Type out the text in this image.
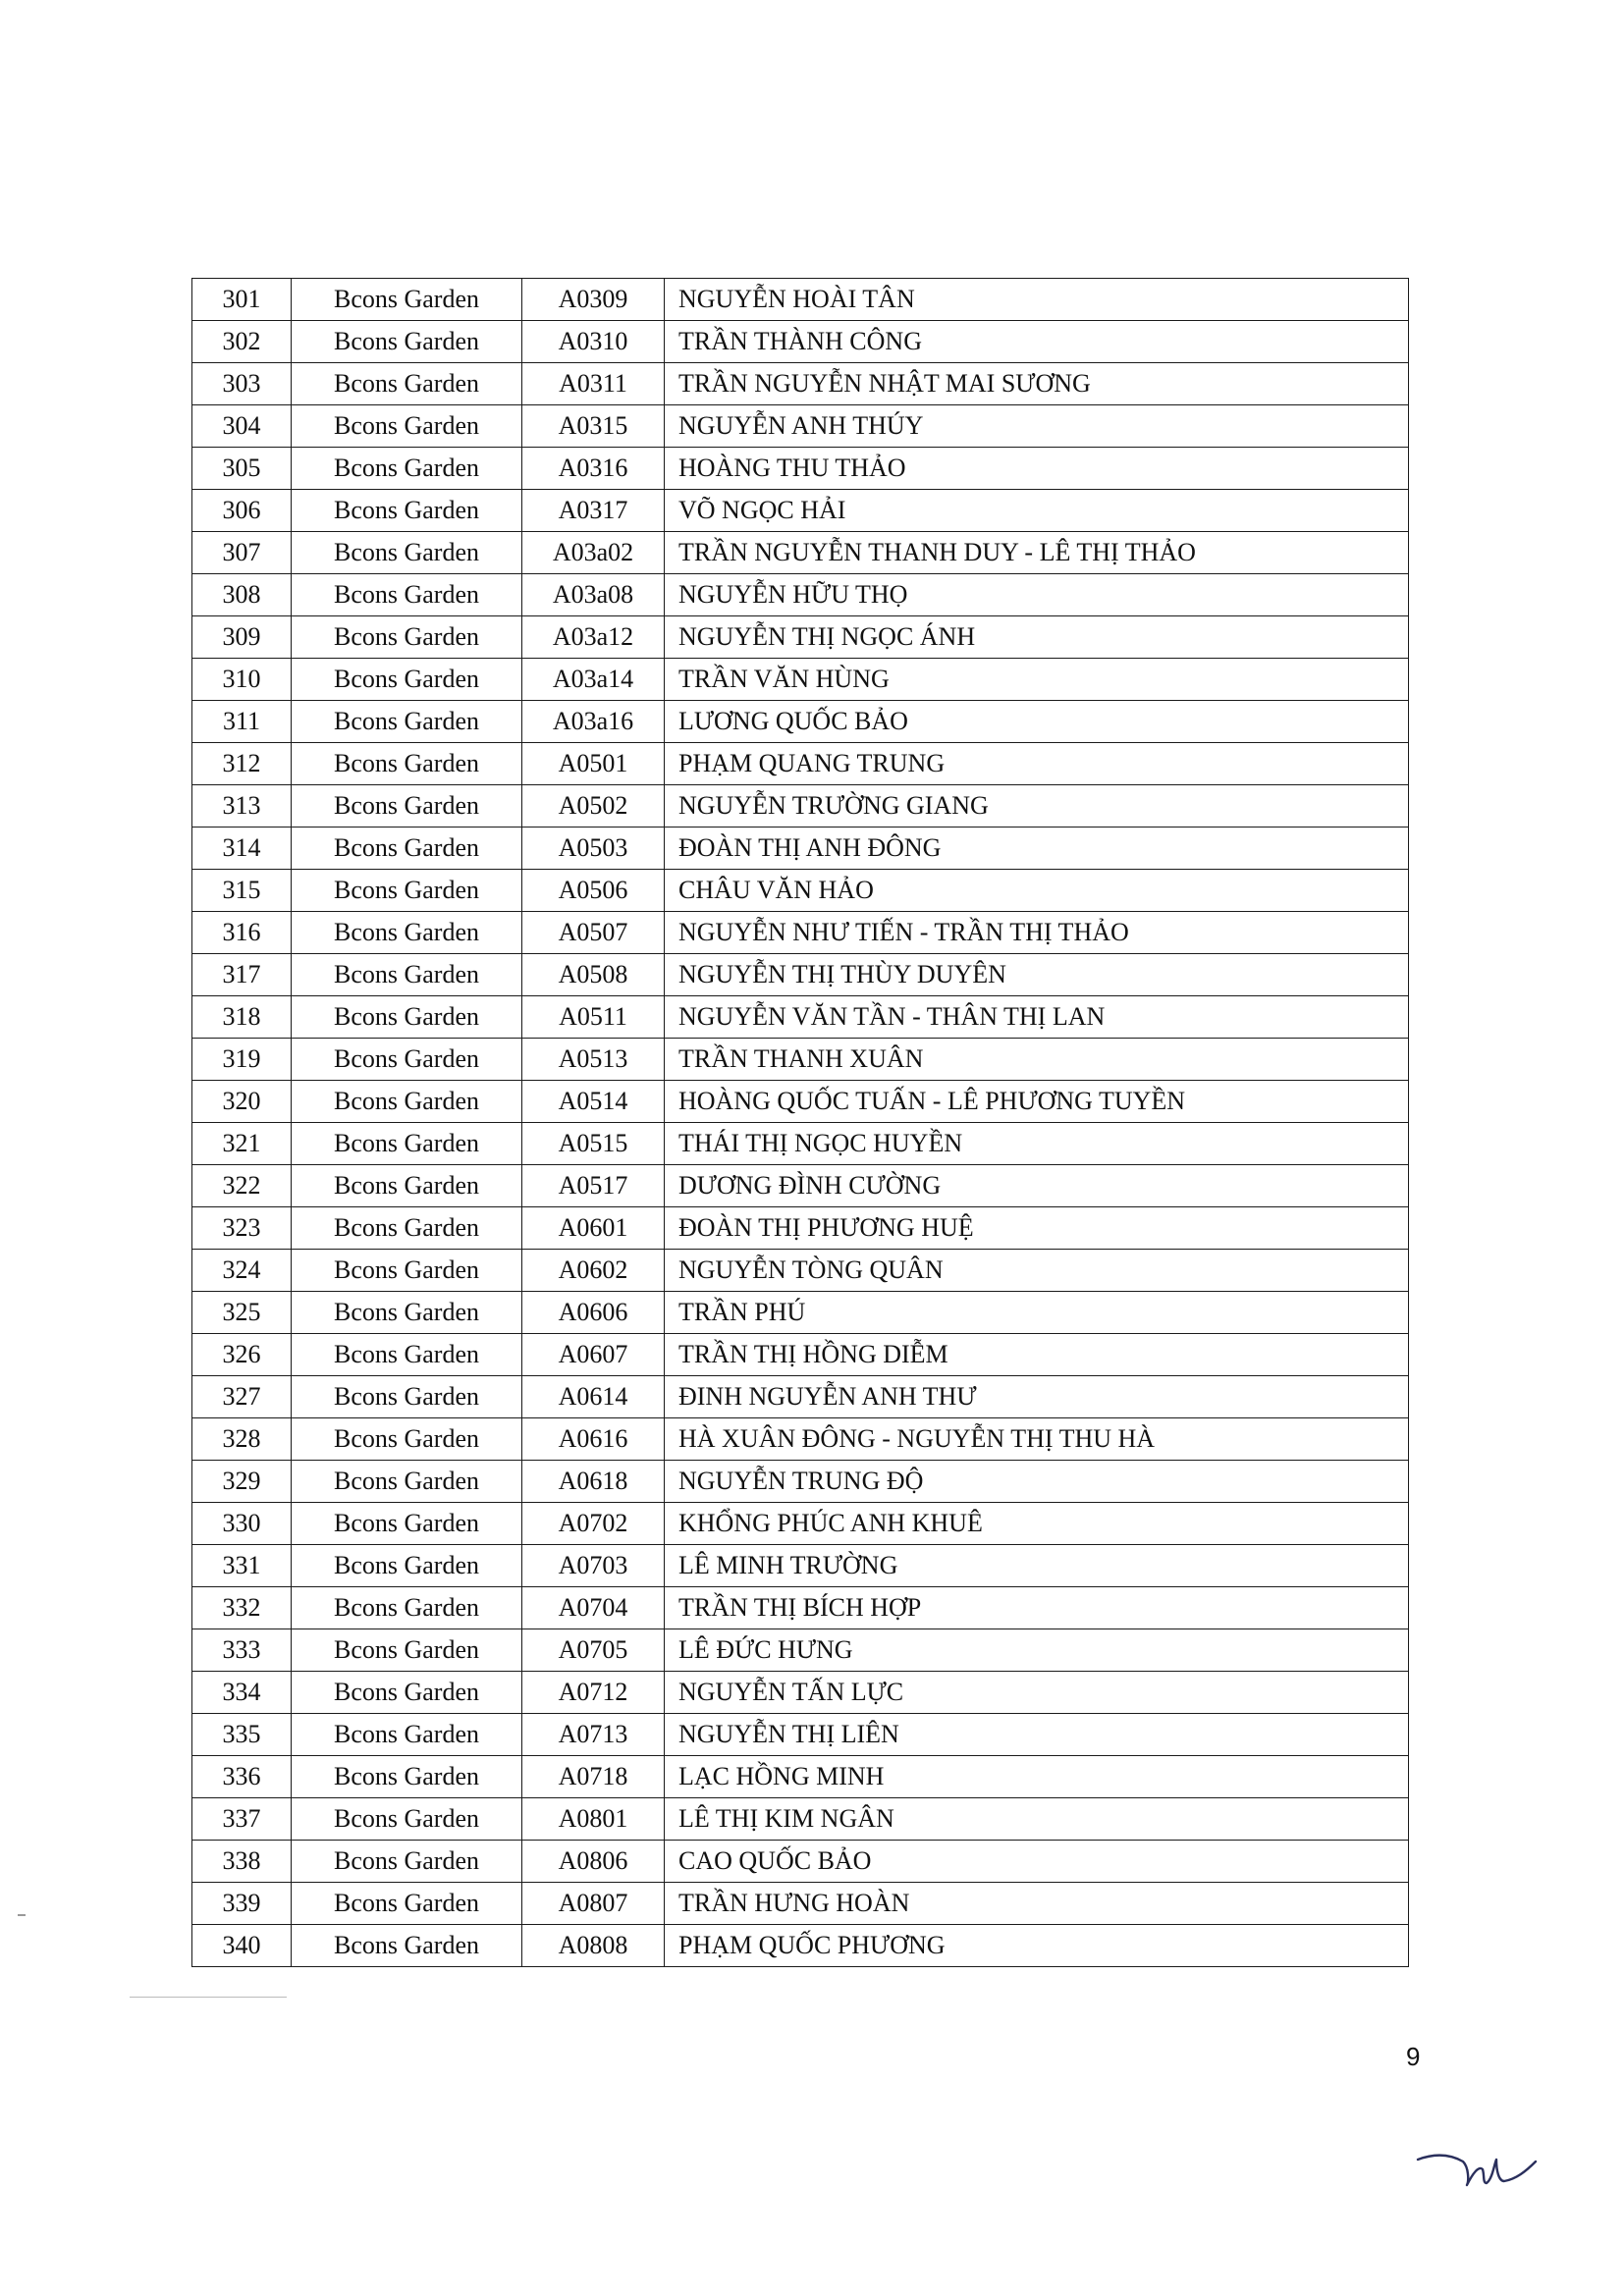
301	Bcons Garden	A0309	NGUYỄN HOÀI TÂN
302	Bcons Garden	A0310	TRẦN THÀNH CÔNG
303	Bcons Garden	A0311	TRẦN NGUYỄN NHẬT MAI SƯƠNG
304	Bcons Garden	A0315	NGUYỄN ANH THÚY
305	Bcons Garden	A0316	HOÀNG THU THẢO
306	Bcons Garden	A0317	VÕ NGỌC HẢI
307	Bcons Garden	A03a02	TRẦN NGUYỄN THANH DUY - LÊ THỊ THẢO
308	Bcons Garden	A03a08	NGUYỄN HỮU THỌ
309	Bcons Garden	A03a12	NGUYỄN THỊ NGỌC ÁNH
310	Bcons Garden	A03a14	TRẦN VĂN HÙNG
311	Bcons Garden	A03a16	LƯƠNG QUỐC BẢO
312	Bcons Garden	A0501	PHẠM QUANG TRUNG
313	Bcons Garden	A0502	NGUYỄN TRƯỜNG GIANG
314	Bcons Garden	A0503	ĐOÀN THỊ ANH ĐÔNG
315	Bcons Garden	A0506	CHÂU VĂN HẢO
316	Bcons Garden	A0507	NGUYỄN NHƯ TIẾN - TRẦN THỊ THẢO
317	Bcons Garden	A0508	NGUYỄN THỊ THÙY DUYÊN
318	Bcons Garden	A0511	NGUYỄN VĂN TẦN - THÂN THỊ LAN
319	Bcons Garden	A0513	TRẦN THANH XUÂN
320	Bcons Garden	A0514	HOÀNG QUỐC TUẤN - LÊ PHƯƠNG TUYỀN
321	Bcons Garden	A0515	THÁI THỊ NGỌC HUYỀN
322	Bcons Garden	A0517	DƯƠNG ĐÌNH CƯỜNG
323	Bcons Garden	A0601	ĐOÀN THỊ PHƯƠNG HUỆ
324	Bcons Garden	A0602	NGUYỄN TÒNG QUÂN
325	Bcons Garden	A0606	TRẦN PHÚ
326	Bcons Garden	A0607	TRẦN THỊ HỒNG DIỄM
327	Bcons Garden	A0614	ĐINH NGUYỄN ANH THƯ
328	Bcons Garden	A0616	HÀ XUÂN ĐÔNG - NGUYỄN THỊ THU HÀ
329	Bcons Garden	A0618	NGUYỄN TRUNG ĐỘ
330	Bcons Garden	A0702	KHỔNG PHÚC ANH KHUÊ
331	Bcons Garden	A0703	LÊ MINH TRƯỜNG
332	Bcons Garden	A0704	TRẦN THỊ BÍCH HỢP
333	Bcons Garden	A0705	LÊ ĐỨC HƯNG
334	Bcons Garden	A0712	NGUYỄN TẤN LỰC
335	Bcons Garden	A0713	NGUYỄN THỊ LIÊN
336	Bcons Garden	A0718	LẠC HỒNG MINH
337	Bcons Garden	A0801	LÊ THỊ KIM NGÂN
338	Bcons Garden	A0806	CAO QUỐC BẢO
339	Bcons Garden	A0807	TRẦN HƯNG HOÀN
340	Bcons Garden	A0808	PHẠM QUỐC PHƯƠNG
9
